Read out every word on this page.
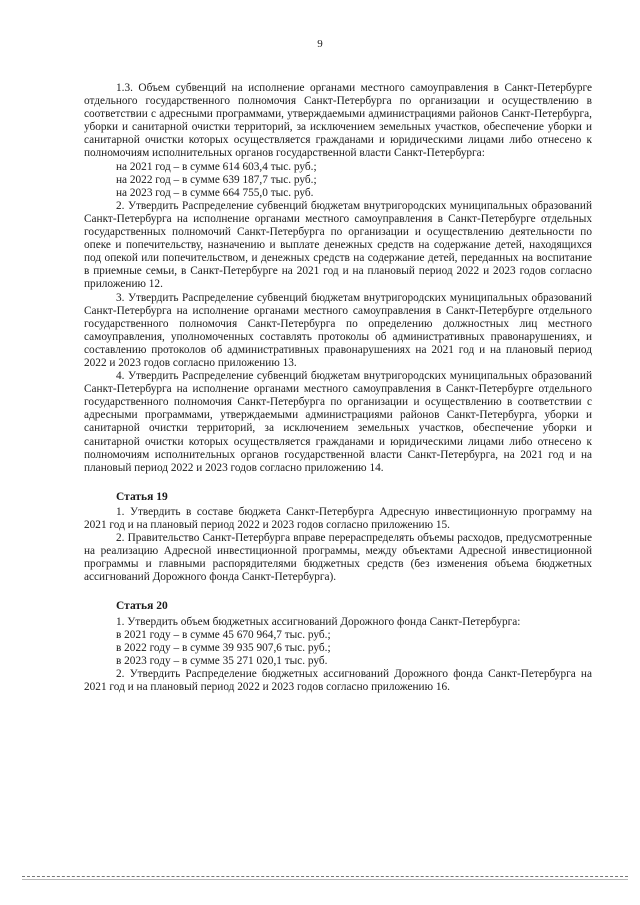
9

1.3. Объем субвенций на исполнение органами местного самоуправления в Санкт-Петербурге отдельного государственного полномочия Санкт-Петербурга по организации и осуществлению в соответствии с адресными программами, утверждаемыми администрациями районов Санкт-Петербурга, уборки и санитарной очистки территорий, за исключением земельных участков, обеспечение уборки и санитарной очистки которых осуществляется гражданами и юридическими лицами либо отнесено к полномочиям исполнительных органов государственной власти Санкт-Петербурга:

на 2021 год – в сумме 614 603,4 тыс. руб.;

на 2022 год – в сумме 639 187,7 тыс. руб.;

на 2023 год – в сумме 664 755,0 тыс. руб.

2. Утвердить Распределение субвенций бюджетам внутригородских муниципальных образований Санкт-Петербурга на исполнение органами местного самоуправления в Санкт-Петербурге отдельных государственных полномочий Санкт-Петербурга по организации и осуществлению деятельности по опеке и попечительству, назначению и выплате денежных средств на содержание детей, находящихся под опекой или попечительством, и денежных средств на содержание детей, переданных на воспитание в приемные семьи, в Санкт-Петербурге на 2021 год и на плановый период 2022 и 2023 годов согласно приложению 12.

3. Утвердить Распределение субвенций бюджетам внутригородских муниципальных образований Санкт-Петербурга на исполнение органами местного самоуправления в Санкт-Петербурге отдельного государственного полномочия Санкт-Петербурга по определению должностных лиц местного самоуправления, уполномоченных составлять протоколы об административных правонарушениях, и составлению протоколов об административных правонарушениях на 2021 год и на плановый период 2022 и 2023 годов согласно приложению 13.

4. Утвердить Распределение субвенций бюджетам внутригородских муниципальных образований Санкт-Петербурга на исполнение органами местного самоуправления в Санкт-Петербурге отдельного государственного полномочия Санкт-Петербурга по организации и осуществлению в соответствии с адресными программами, утверждаемыми администрациями районов Санкт-Петербурга, уборки и санитарной очистки территорий, за исключением земельных участков, обеспечение уборки и санитарной очистки которых осуществляется гражданами и юридическими лицами либо отнесено к полномочиям исполнительных органов государственной власти Санкт-Петербурга, на 2021 год и на плановый период 2022 и 2023 годов согласно приложению 14.

Статья 19

1. Утвердить в составе бюджета Санкт-Петербурга Адресную инвестиционную программу на 2021 год и на плановый период 2022 и 2023 годов согласно приложению 15.

2. Правительство Санкт-Петербурга вправе перераспределять объемы расходов, предусмотренные на реализацию Адресной инвестиционной программы, между объектами Адресной инвестиционной программы и главными распорядителями бюджетных средств (без изменения объема бюджетных ассигнований Дорожного фонда Санкт-Петербурга).

Статья 20

1. Утвердить объем бюджетных ассигнований Дорожного фонда Санкт-Петербурга:

в 2021 году – в сумме 45 670 964,7 тыс. руб.;

в 2022 году – в сумме 39 935 907,6 тыс. руб.;

в 2023 году – в сумме 35 271 020,1 тыс. руб.

2. Утвердить Распределение бюджетных ассигнований Дорожного фонда Санкт-Петербурга на 2021 год и на плановый период 2022 и 2023 годов согласно приложению 16.
